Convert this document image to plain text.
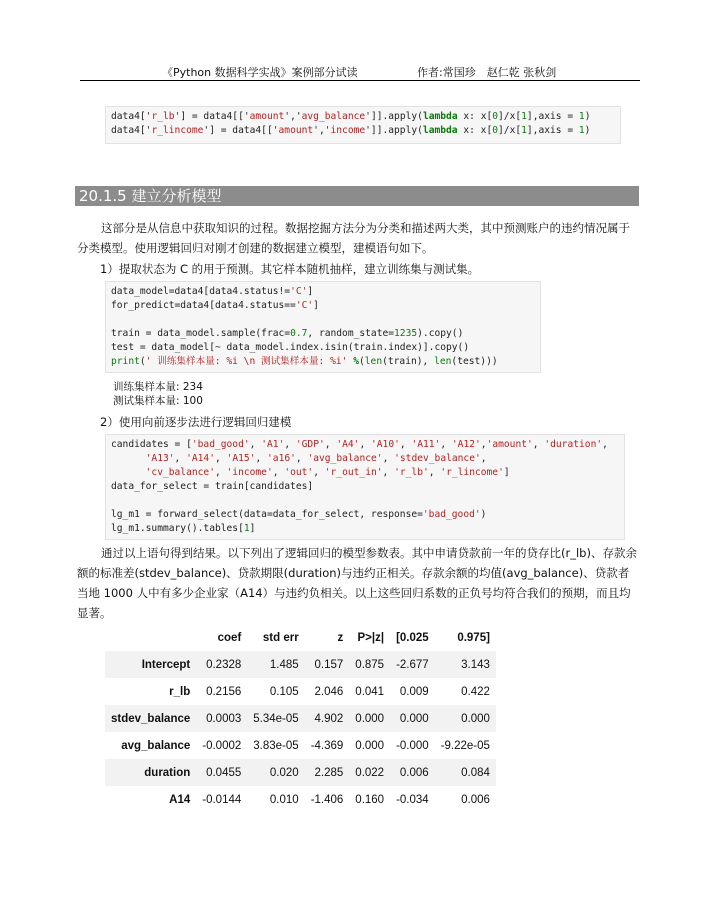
《Python 数据科学实战》案例部分试读	作者:常国珍　赵仁乾 张秋剑
data4['r_lb'] = data4[['amount','avg_balance']].apply(lambda x: x[0]/x[1],axis = 1)
data4['r_lincome'] = data4[['amount','income']].apply(lambda x: x[0]/x[1],axis = 1)
20.1.5 建立分析模型
这部分是从信息中获取知识的过程。数据挖掘方法分为分类和描述两大类，其中预测账户的违约情况属于分类模型。使用逻辑回归对刚才创建的数据建立模型，建模语句如下。
1）提取状态为 C 的用于预测。其它样本随机抽样，建立训练集与测试集。
data_model=data4[data4.status!='C']
for_predict=data4[data4.status=='C']
train = data_model.sample(frac=0.7, random_state=1235).copy()
test = data_model[~ data_model.index.isin(train.index)].copy()
print(' 训练集样本量: %i \n 测试集样本量: %i' %(len(train), len(test)))
训练集样本量: 234
测试集样本量: 100
2）使用向前逐步法进行逻辑回归建模
candidates = ['bad_good', 'A1', 'GDP', 'A4', 'A10', 'A11', 'A12','amount', 'duration',
'A13', 'A14', 'A15', 'a16', 'avg_balance', 'stdev_balance',
'cv_balance', 'income', 'out', 'r_out_in', 'r_lb', 'r_lincome']
data_for_select = train[candidates]
lg_m1 = forward_select(data=data_for_select, response='bad_good')
lg_m1.summary().tables[1]
通过以上语句得到结果。以下列出了逻辑回归的模型参数表。其中申请贷款前一年的贷存比(r_lb)、存款余额的标准差(stdev_balance)、贷款期限(duration)与违约正相关。存款余额的均值(avg_balance)、贷款者当地 1000 人中有多少企业家（A14）与违约负相关。以上这些回归系数的正负号均符合我们的预期，而且均显著。
	coef	std err	z	P>|z|	[0.025	0.975]
Intercept	0.2328	1.485	0.157	0.875	-2.677	3.143
r_lb	0.2156	0.105	2.046	0.041	0.009	0.422
stdev_balance	0.0003	5.34e-05	4.902	0.000	0.000	0.000
avg_balance	-0.0002	3.83e-05	-4.369	0.000	-0.000	-9.22e-05
duration	0.0455	0.020	2.285	0.022	0.006	0.084
A14	-0.0144	0.010	-1.406	0.160	-0.034	0.006
